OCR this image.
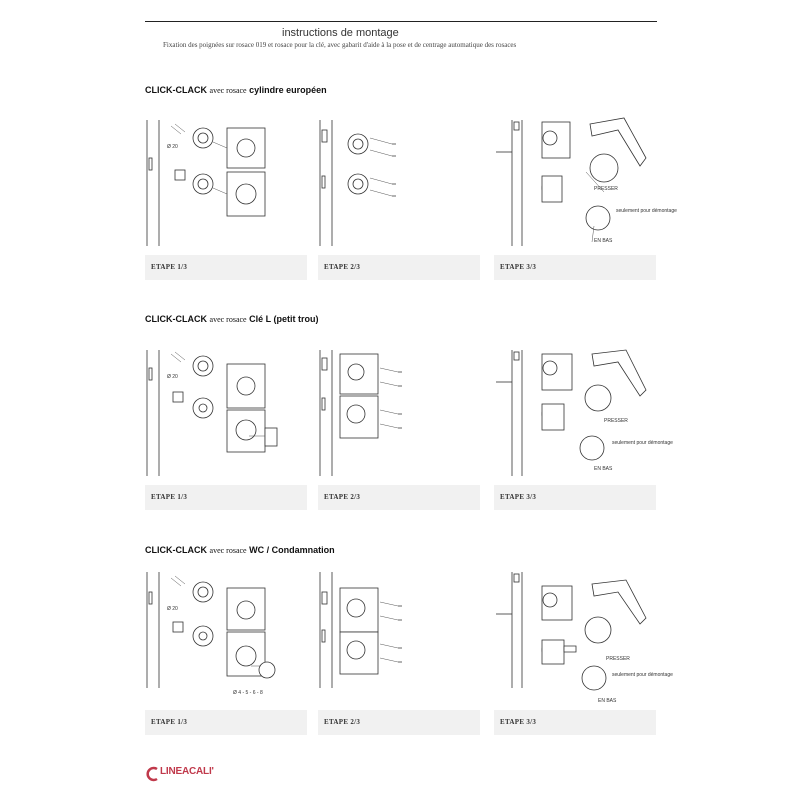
instructions de montage
Fixation des poignées sur rosace 019 et rosace pour la clé, avec gabarit d'aide à la pose et de centrage automatique des rosaces
CLICK-CLACK avec rosace cylindre européen
Ø 20
ETAPE 1/3	ETAPE 2/3
PRESSER
seulement pour démontage
EN BAS
ETAPE 3/3
CLICK-CLACK avec rosace Clé L (petit trou)
Ø 20
ETAPE 1/3	ETAPE 2/3
PRESSER
seulement pour démontage
EN BAS
ETAPE 3/3
CLICK-CLACK avec rosace WC / Condamnation
Ø 20
Ø 4 - 5 - 6 - 8
ETAPE 1/3	ETAPE 2/3
PRESSER
seulement pour démontage
EN BAS
ETAPE 3/3
LINEACALI'
